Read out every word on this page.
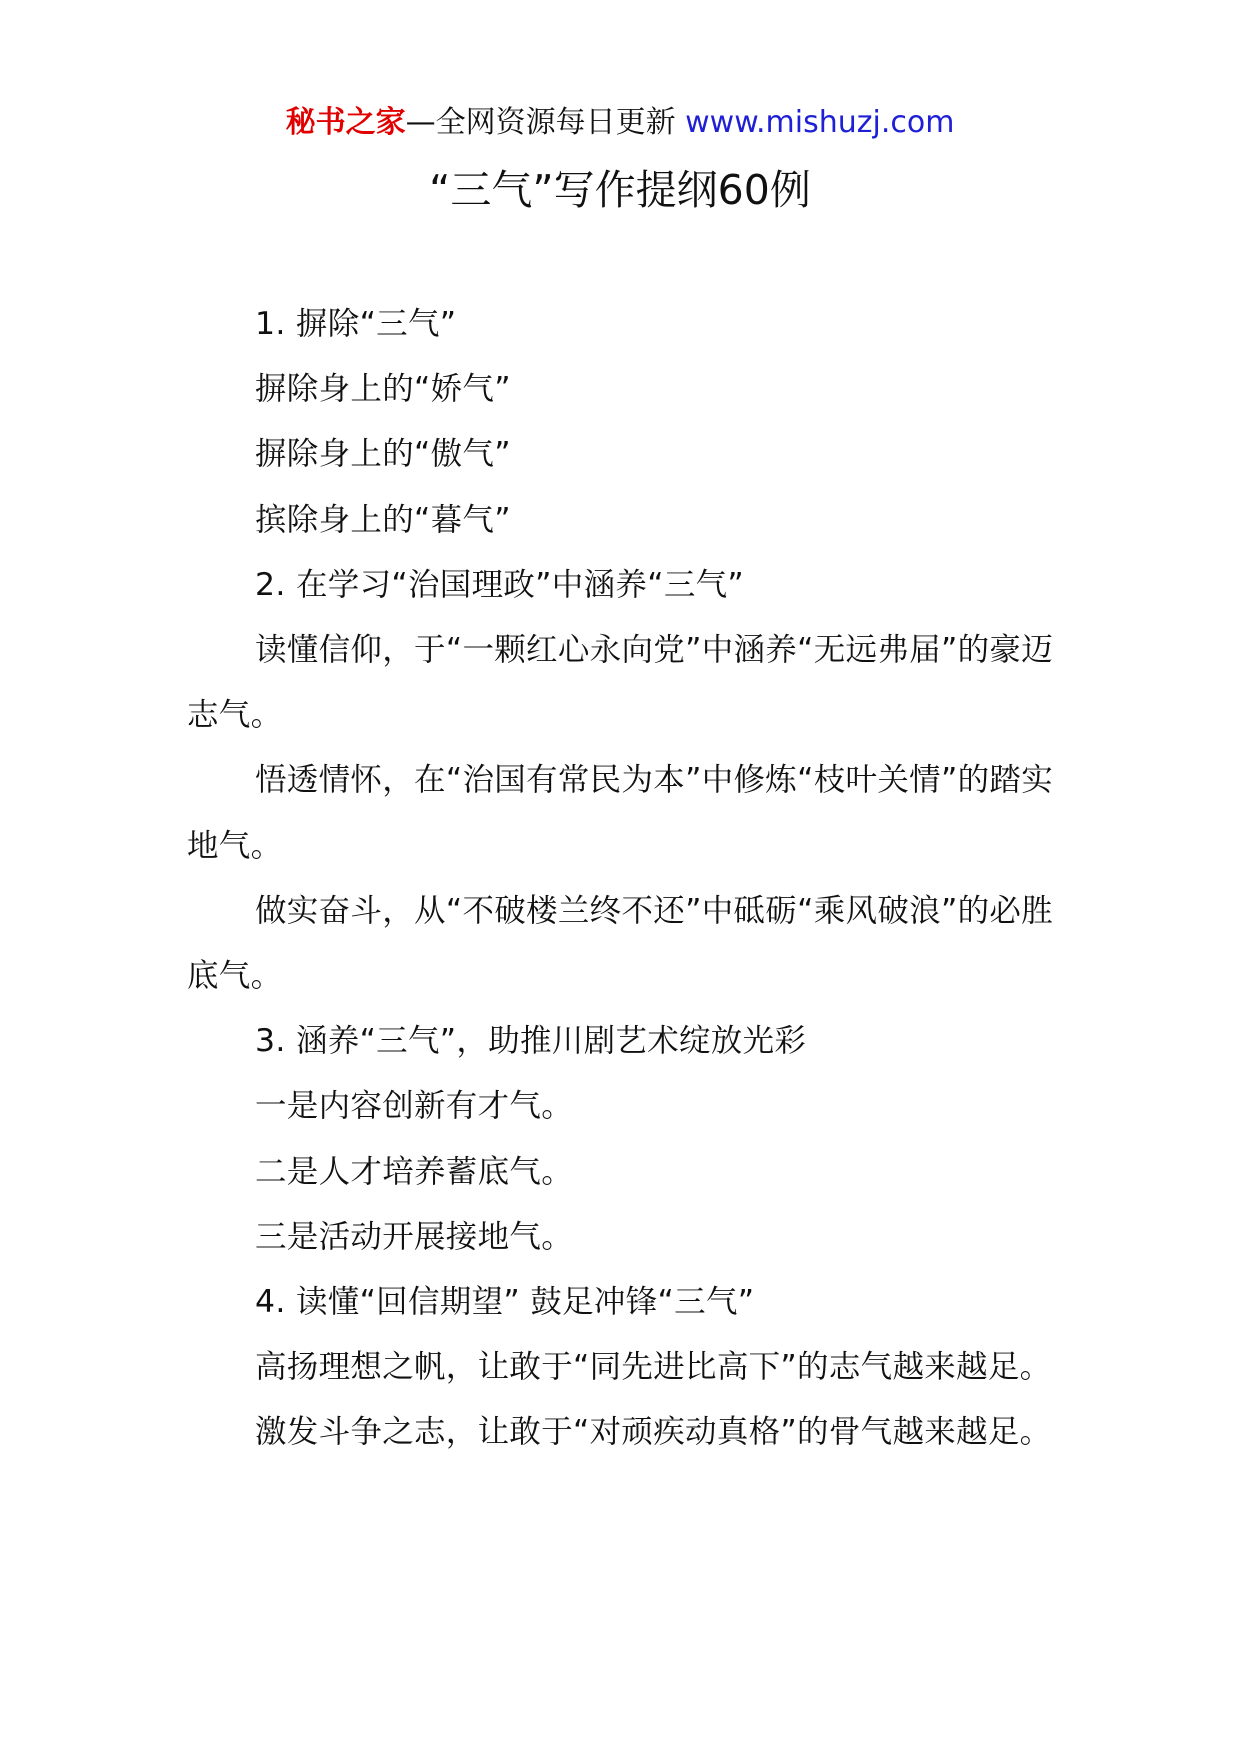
秘书之家—全网资源每日更新 www.mishuzj.com
“三气”写作提纲60例

1. 摒除“三气”

摒除身上的“娇气”

摒除身上的“傲气”

摈除身上的“暮气”

2. 在学习“治国理政”中涵养“三气”

读懂信仰，于“一颗红心永向党”中涵养“无远弗届”的豪迈志气。

悟透情怀，在“治国有常民为本”中修炼“枝叶关情”的踏实地气。

做实奋斗，从“不破楼兰终不还”中砥砺“乘风破浪”的必胜底气。

3. 涵养“三气”，助推川剧艺术绽放光彩

一是内容创新有才气。

二是人才培养蓄底气。

三是活动开展接地气。

4. 读懂“回信期望” 鼓足冲锋“三气”

高扬理想之帆，让敢于“同先进比高下”的志气越来越足。

激发斗争之志，让敢于“对顽疾动真格”的骨气越来越足。
